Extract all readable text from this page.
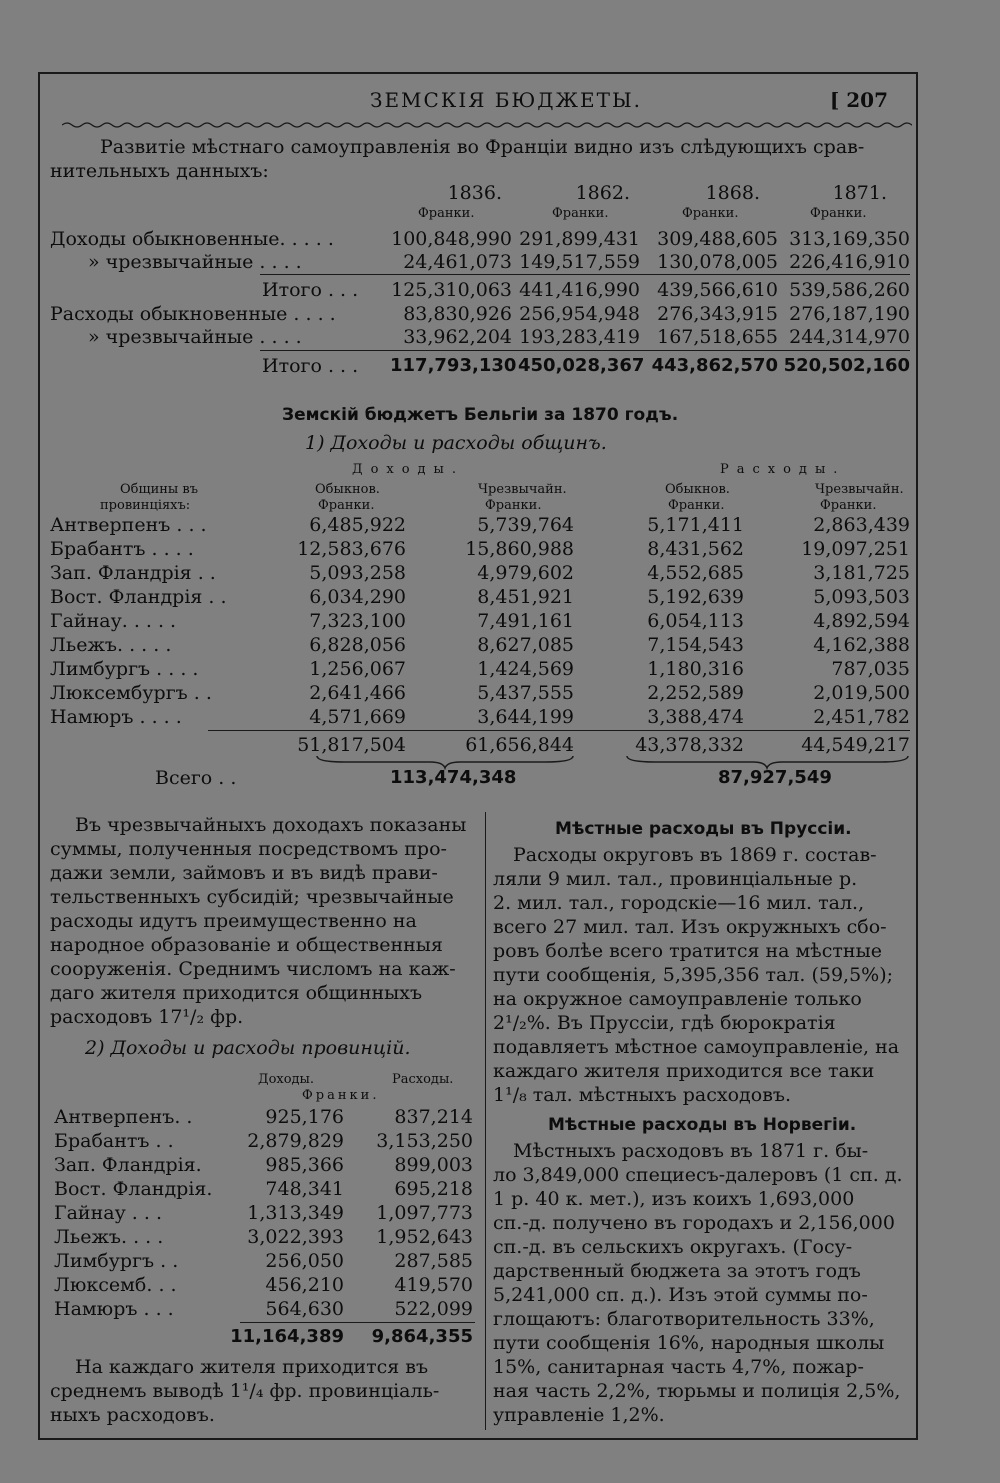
ЗЕМСКІЯ БЮДЖЕТЫ.	[ 207
Развитіе мѣстнаго самоуправленія во Франціи видно изъ слѣдующихъ срав-
нительныхъ данныхъ:
1836.	1862.	1868.	1871.
Франки.	Франки.	Франки.	Франки.
Доходы обыкновенные. . . . .	100,848,990 291,899,431 309,488,605 313,169,350
» чрезвычайные . . . .	24,461,073 149,517,559 130,078,005 226,416,910
Итого . . . 125,310,063 441,416,990 439,566,610 539,586,260
Расходы обыкновенные . . . .	83,830,926 256,954,948 276,343,915 276,187,190
» чрезвычайные . . . .	33,962,204 193,283,419 167,518,655 244,314,970
Итого . . . 117,793,130 450,028,367 443,862,570 520,502,160
Земскій бюджетъ Бельгіи за 1870 годъ.
1) Доходы и расходы общинъ.
Доходы.	Расходы.
Общины въ
провинціяхъ:
Обыкнов.	Чрезвычайн.	Обыкнов.	Чрезвычайн.
Франки.	Франки.	Франки.	Франки.
Антверпенъ . . .	6,485,922	5,739,764	5,171,411	2,863,439
Брабантъ . . . .	12,583,676	15,860,988	8,431,562	19,097,251
Зап. Фландрія . .	5,093,258	4,979,602	4,552,685	3,181,725
Вост. Фландрія . .	6,034,290	8,451,921	5,192,639	5,093,503
Гайнау. . . . .	7,323,100	7,491,161	6,054,113	4,892,594
Льежъ. . . . .	6,828,056	8,627,085	7,154,543	4,162,388
Лимбургъ . . . .	1,256,067	1,424,569	1,180,316	787,035
Люксембургъ . .	2,641,466	5,437,555	2,252,589	2,019,500
Намюръ . . . .	4,571,669	3,644,199	3,388,474	2,451,782
51,817,504	61,656,844	43,378,332	44,549,217
Всего . .	113,474,348	87,927,549
Въ чрезвычайныхъ доходахъ показаны
суммы, полученныя посредствомъ про-
дажи земли, займовъ и въ видѣ прави-
тельственныхъ субсидій; чрезвычайные
расходы идутъ преимущественно на
народное образованіе и общественныя
сооруженія. Среднимъ числомъ на каж-
даго жителя приходится общинныхъ
расходовъ 17¹/₂ фр.
2) Доходы и расходы провинцій.
Доходы.	Расходы.
Франки.
Антверпенъ. .	925,176	837,214
Брабантъ . .	2,879,829	3,153,250
Зап. Фландрія.	985,366	899,003
Вост. Фландрія.	748,341	695,218
Гайнау . . .	1,313,349	1,097,773
Льежъ. . . .	3,022,393	1,952,643
Лимбургъ . .	256,050	287,585
Люксемб. . .	456,210	419,570
Намюръ . . .	564,630	522,099
11,164,389	9,864,355
На каждаго жителя приходится въ
среднемъ выводѣ 1¹/₄ фр. провинціаль-
ныхъ расходовъ.
Мѣстные расходы въ Пруссіи.
Расходы округовъ въ 1869 г. состав-
ляли 9 мил. тал., провинціальные р.
2. мил. тал., городскіе—16 мил. тал.,
всего 27 мил. тал. Изъ окружныхъ сбо-
ровъ болѣе всего тратится на мѣстные
пути сообщенія, 5,395,356 тал. (59,5%);
на окружное самоуправленіе только
2¹/₂%. Въ Пруссіи, гдѣ бюрократія
подавляетъ мѣстное самоуправленіе, на
каждаго жителя приходится все таки
1¹/₈ тал. мѣстныхъ расходовъ.
Мѣстные расходы въ Норвегіи.
Мѣстныхъ расходовъ въ 1871 г. бы-
ло 3,849,000 специесъ-далеровъ (1 сп. д.
1 р. 40 к. мет.), изъ коихъ 1,693,000
сп.-д. получено въ городахъ и 2,156,000
сп.-д. въ сельскихъ округахъ. (Госу-
дарственный бюджета за этотъ годъ
5,241,000 сп. д.). Изъ этой суммы по-
глощаютъ: благотворительность 33%,
пути сообщенія 16%, народныя школы
15%, санитарная часть 4,7%, пожар-
ная часть 2,2%, тюрьмы и полиція 2,5%,
управленіе 1,2%.
